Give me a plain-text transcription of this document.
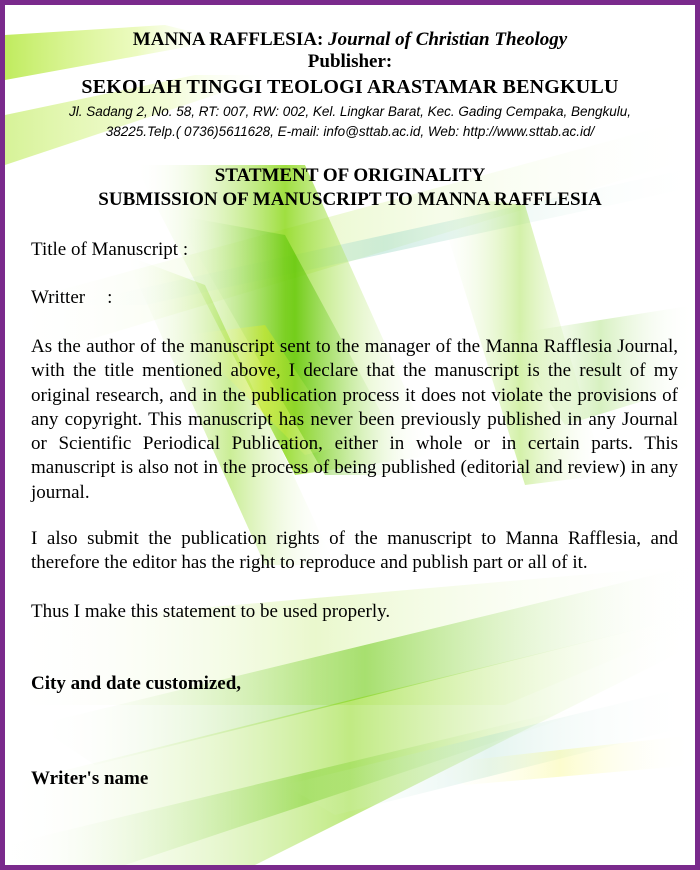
MANNA RAFFLESIA: Journal of Christian Theology
Publisher:
SEKOLAH TINGGI TEOLOGI ARASTAMAR BENGKULU
Jl. Sadang 2, No. 58, RT: 007, RW: 002, Kel. Lingkar Barat, Kec. Gading Cempaka, Bengkulu,
38225.Telp.( 0736)5611628, E-mail: info@sttab.ac.id, Web: http://www.sttab.ac.id/
STATMENT OF ORIGINALITY
SUBMISSION OF MANUSCRIPT TO MANNA RAFFLESIA
Title of Manuscript :
Writter :
As the author of the manuscript sent to the manager of the Manna Rafflesia Journal, with the title mentioned above, I declare that the manuscript is the result of my original research, and in the publication process it does not violate the provisions of any copyright. This manuscript has never been previously published in any Journal or Scientific Periodical Publication, either in whole or in certain parts. This manuscript is also not in the process of being published (editorial and review) in any journal.
I also submit the publication rights of the manuscript to Manna Rafflesia, and therefore the editor has the right to reproduce and publish part or all of it.
Thus I make this statement to be used properly.
City and date customized,
Writer's name
